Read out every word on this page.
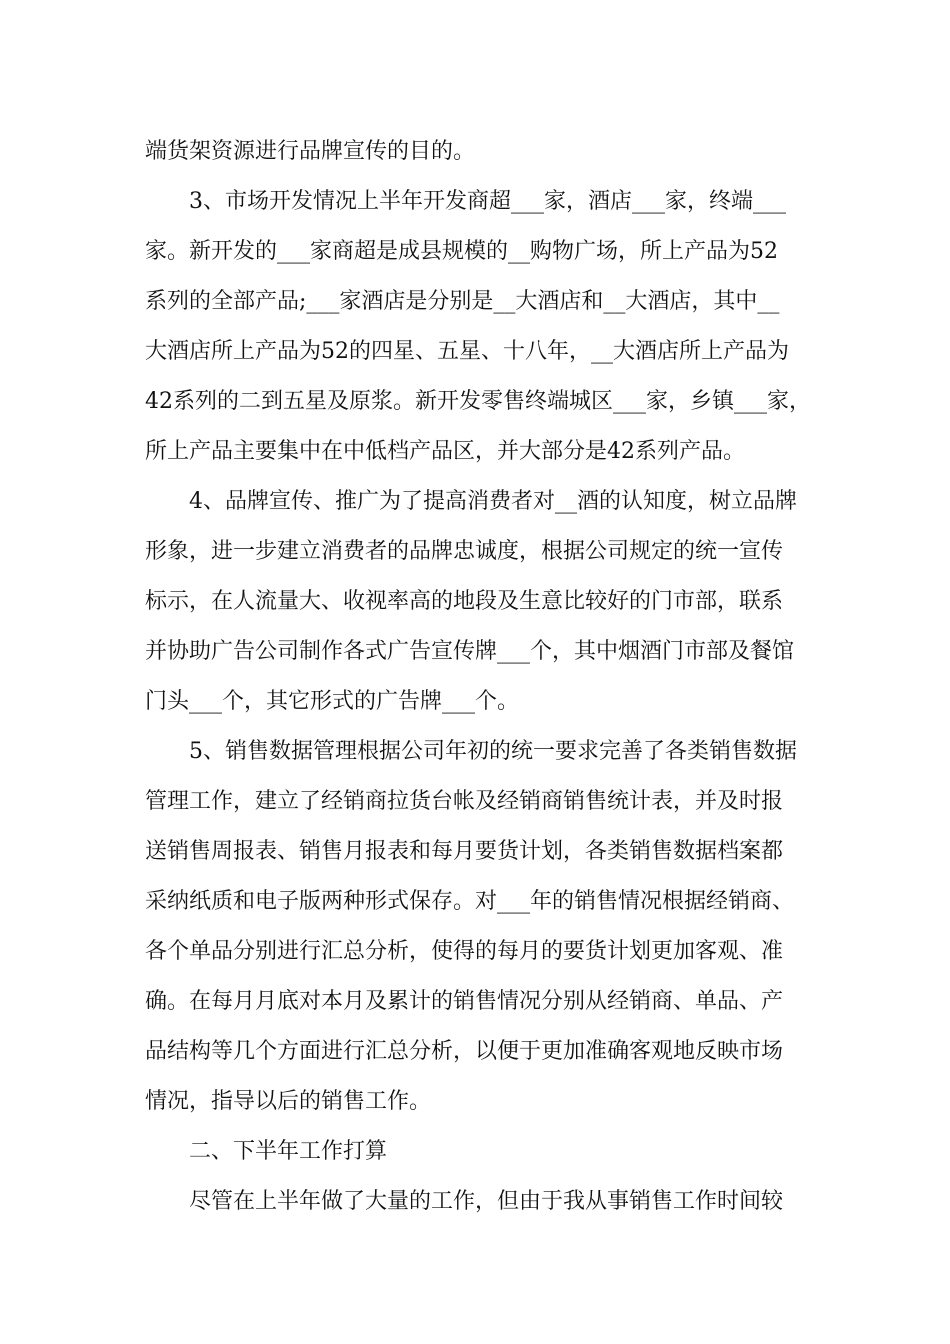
端货架资源进行品牌宣传的目的。
3、市场开发情况上半年开发商超___家，酒店___家，终端___
家。新开发的___家商超是成县规模的__购物广场，所上产品为52
系列的全部产品;___家酒店是分别是__大酒店和__大酒店，其中__
大酒店所上产品为52的四星、五星、十八年，__大酒店所上产品为
42系列的二到五星及原浆。新开发零售终端城区___家，乡镇___家，
所上产品主要集中在中低档产品区，并大部分是42系列产品。
4、品牌宣传、推广为了提高消费者对__酒的认知度，树立品牌
形象，进一步建立消费者的品牌忠诚度，根据公司规定的统一宣传
标示，在人流量大、收视率高的地段及生意比较好的门市部，联系
并协助广告公司制作各式广告宣传牌___个，其中烟酒门市部及餐馆
门头___个，其它形式的广告牌___个。
5、销售数据管理根据公司年初的统一要求完善了各类销售数据
管理工作，建立了经销商拉货台帐及经销商销售统计表，并及时报
送销售周报表、销售月报表和每月要货计划，各类销售数据档案都
采纳纸质和电子版两种形式保存。对___年的销售情况根据经销商、
各个单品分别进行汇总分析，使得的每月的要货计划更加客观、准
确。在每月月底对本月及累计的销售情况分别从经销商、单品、产
品结构等几个方面进行汇总分析，以便于更加准确客观地反映市场
情况，指导以后的销售工作。
二、下半年工作打算
尽管在上半年做了大量的工作，但由于我从事销售工作时间较
